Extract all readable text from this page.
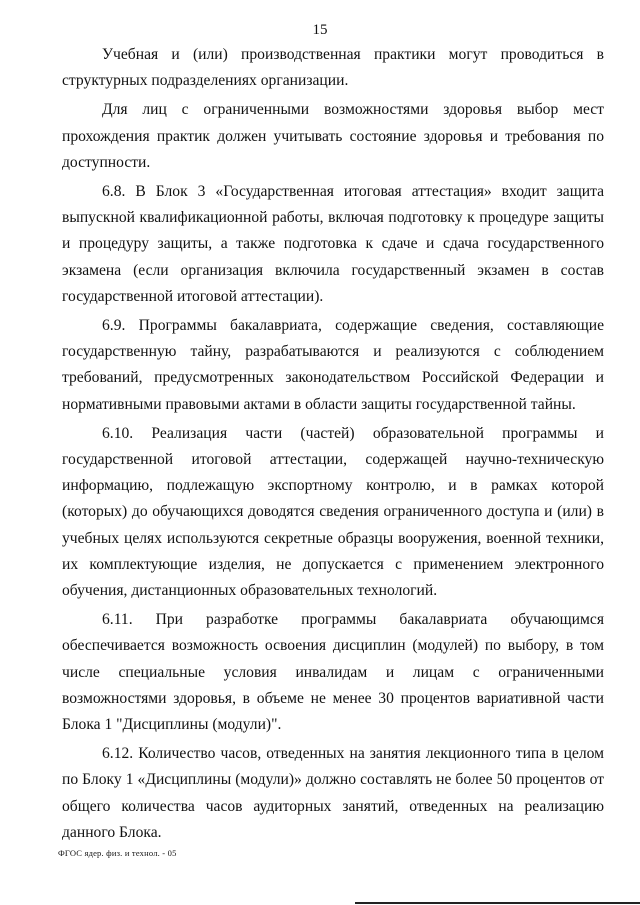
15

Учебная и (или) производственная практики могут проводиться в структурных подразделениях организации.

Для лиц с ограниченными возможностями здоровья выбор мест прохождения практик должен учитывать состояние здоровья и требования по доступности.

6.8. В Блок 3 «Государственная итоговая аттестация» входит защита выпускной квалификационной работы, включая подготовку к процедуре защиты и процедуру защиты, а также подготовка к сдаче и сдача государственного экзамена (если организация включила государственный экзамен в состав государственной итоговой аттестации).

6.9. Программы бакалавриата, содержащие сведения, составляющие государственную тайну, разрабатываются и реализуются с соблюдением требований, предусмотренных законодательством Российской Федерации и нормативными правовыми актами в области защиты государственной тайны.

6.10. Реализация части (частей) образовательной программы и государственной итоговой аттестации, содержащей научно-техническую информацию, подлежащую экспортному контролю, и в рамках которой (которых) до обучающихся доводятся сведения ограниченного доступа и (или) в учебных целях используются секретные образцы вооружения, военной техники, их комплектующие изделия, не допускается с применением электронного обучения, дистанционных образовательных технологий.

6.11. При разработке программы бакалавриата обучающимся обеспечивается возможность освоения дисциплин (модулей) по выбору, в том числе специальные условия инвалидам и лицам с ограниченными возможностями здоровья, в объеме не менее 30 процентов вариативной части Блока 1 "Дисциплины (модули)".

6.12. Количество часов, отведенных на занятия лекционного типа в целом по Блоку 1 «Дисциплины (модули)» должно составлять не более 50 процентов от общего количества часов аудиторных занятий, отведенных на реализацию данного Блока.

ФГОС ядер. физ. и технол. - 05
